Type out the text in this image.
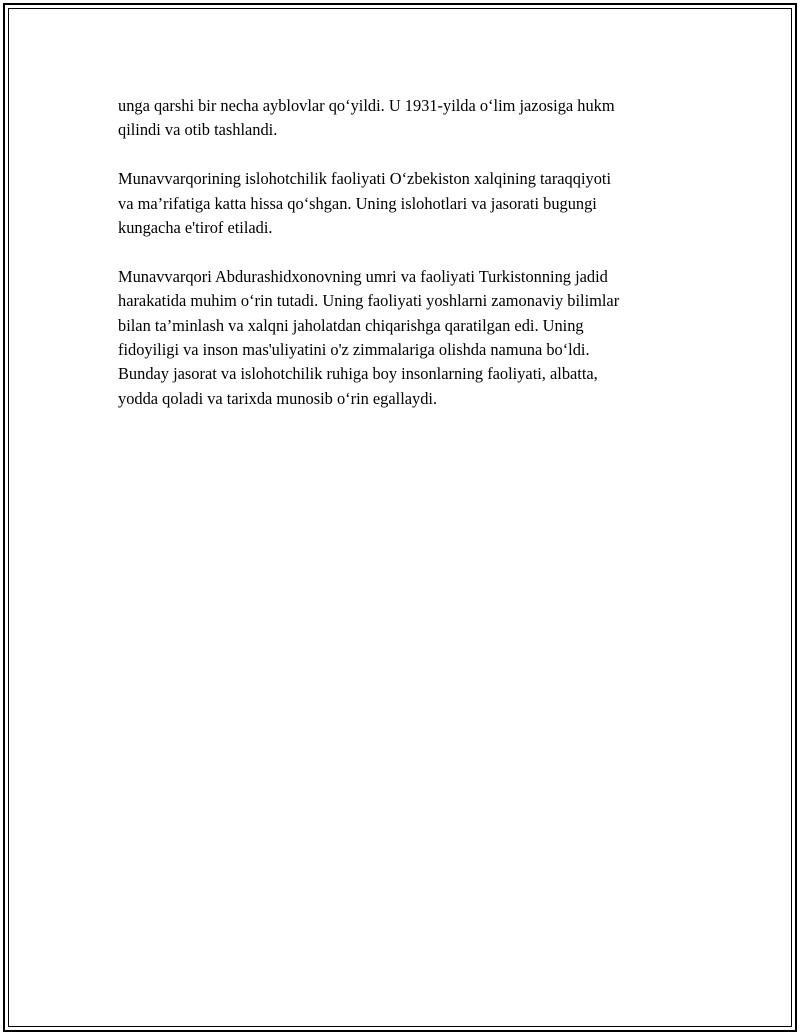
unga qarshi bir necha ayblovlar qo‘yildi. U 1931-yilda o‘lim jazosiga hukm
qilindi va otib tashlandi.

Munavvarqorining islohotchilik faoliyati O‘zbekiston xalqining taraqqiyoti
va ma’rifatiga katta hissa qo‘shgan. Uning islohotlari va jasorati bugungi
kungacha e'tirof etiladi.

Munavvarqori Abdurashidxonovning umri va faoliyati Turkistonning jadid
harakatida muhim o‘rin tutadi. Uning faoliyati yoshlarni zamonaviy bilimlar
bilan ta’minlash va xalqni jaholatdan chiqarishga qaratilgan edi. Uning
fidoyiligi va inson mas'uliyatini o'z zimmalariga olishda namuna bo‘ldi.
Bunday jasorat va islohotchilik ruhiga boy insonlarning faoliyati, albatta,
yodda qoladi va tarixda munosib o‘rin egallaydi.
